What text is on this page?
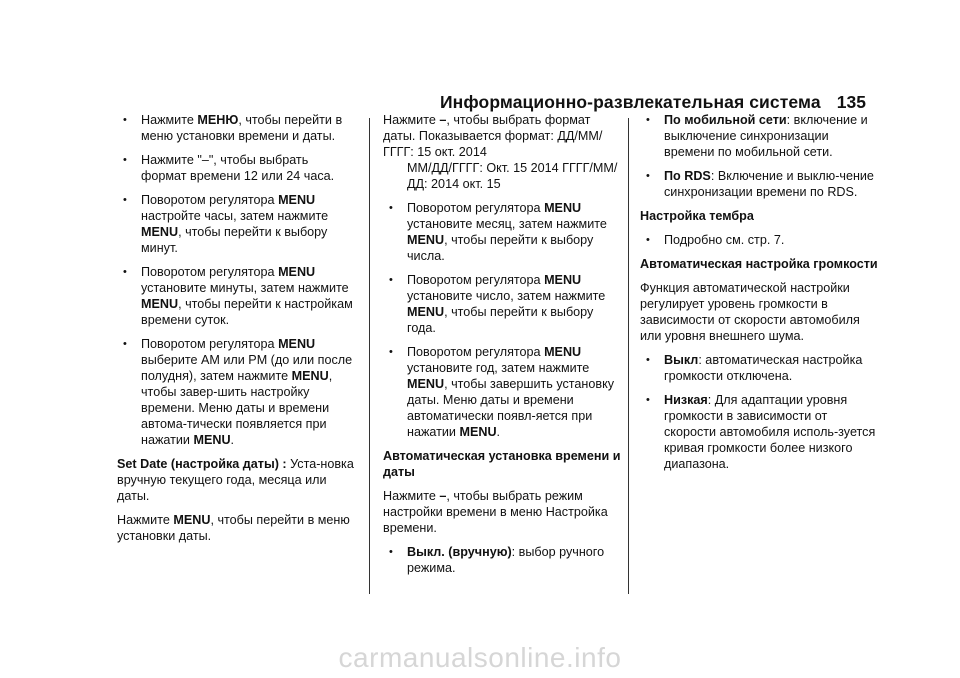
Информационно-развлекательная система 135
• Нажмите МЕНЮ, чтобы перейти в меню установки времени и даты.
• Нажмите "–", чтобы выбрать формат времени 12 или 24 часа.
• Поворотом регулятора MENU настройте часы, затем нажмите MENU, чтобы перейти к выбору минут.
• Поворотом регулятора MENU установите минуты, затем нажмите MENU, чтобы перейти к настройкам времени суток.
• Поворотом регулятора MENU выберите AM или PM (до или после полудня), затем нажмите MENU, чтобы завер-шить настройку времени. Меню даты и времени автома-тически появляется при нажатии MENU.
Set Date (настройка даты) : Уста-новка вручную текущего года, месяца или даты.
Нажмите MENU, чтобы перейти в меню установки даты.
Нажмите –, чтобы выбрать формат даты. Показывается формат: ДД/ММ/ГГГГ: 15 окт. 2014
ММ/ДД/ГГГГ: Окт. 15 2014 ГГГГ/ММ/ДД: 2014 окт. 15
• Поворотом регулятора MENU установите месяц, затем нажмите MENU, чтобы перейти к выбору числа.
• Поворотом регулятора MENU установите число, затем нажмите MENU, чтобы перейти к выбору года.
• Поворотом регулятора MENU установите год, затем нажмите MENU, чтобы завершить установку даты. Меню даты и времени автоматически появл-яется при нажатии MENU.
Автоматическая установка времени и даты
Нажмите –, чтобы выбрать режим настройки времени в меню Настройка времени.
• Выкл. (вручную): выбор ручного режима.
• По мобильной сети: включение и выключение синхронизации времени по мобильной сети.
• По RDS: Включение и выклю-чение синхронизации времени по RDS.
Настройка тембра
• Подробно см. стр. 7.
Автоматическая настройка громкости
Функция автоматической настройки регулирует уровень громкости в зависимости от скорости автомобиля или уровня внешнего шума.
• Выкл: автоматическая настройка громкости отключена.
• Низкая: Для адаптации уровня громкости в зависимости от скорости автомобиля исполь-зуется кривая громкости более низкого диапазона.
carmanualsonline.info
